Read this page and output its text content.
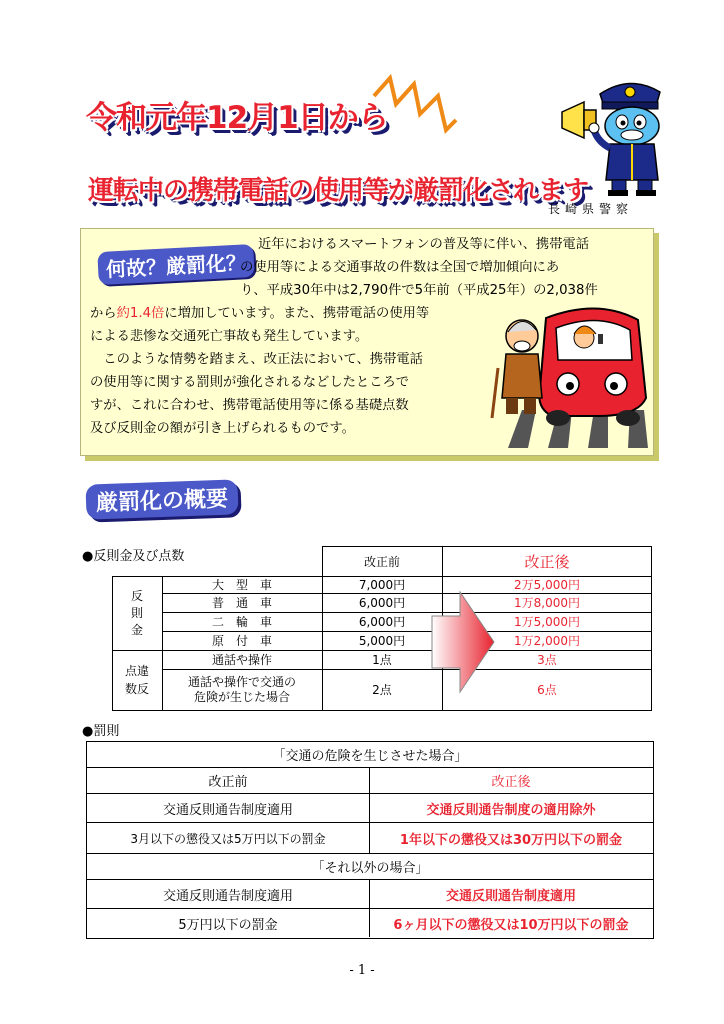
令和元年12月1日から
運転中の携帯電話の使用等が厳罰化されます
長崎県警察
何故？厳罰化？
近年におけるスマートフォンの普及等に伴い、携帯電話
の使用等による交通事故の件数は全国で増加傾向にあ
り、平成30年中は2,790件で5年前（平成25年）の2,038件
から約1.4倍に増加しています。また、携帯電話の使用等
による悲惨な交通死亡事故も発生しています。
　このような情勢を踏まえ、改正法において、携帯電話
の使用等に関する罰則が強化されるなどしたところで
すが、これに合わせ、携帯電話使用等に係る基礎点数
及び反則金の額が引き上げられるものです。
厳罰化の概要
●反則金及び点数	改正前	改正後
反
則
金
点違
数反
大　型　車	7,000円	2万5,000円
普　通　車	6,000円	1万8,000円
二　輪　車	6,000円	1万5,000円
原　付　車	5,000円	1万2,000円
通話や操作	1点	3点
通話や操作で交通の
危険が生じた場合	2点	6点
●罰則
「交通の危険を生じさせた場合」
改正前	改正後
交通反則通告制度適用	交通反則通告制度の適用除外
3月以下の懲役又は5万円以下の罰金	1年以下の懲役又は30万円以下の罰金
「それ以外の場合」
交通反則通告制度適用	交通反則通告制度適用
5万円以下の罰金	6ヶ月以下の懲役又は10万円以下の罰金
- 1 -
